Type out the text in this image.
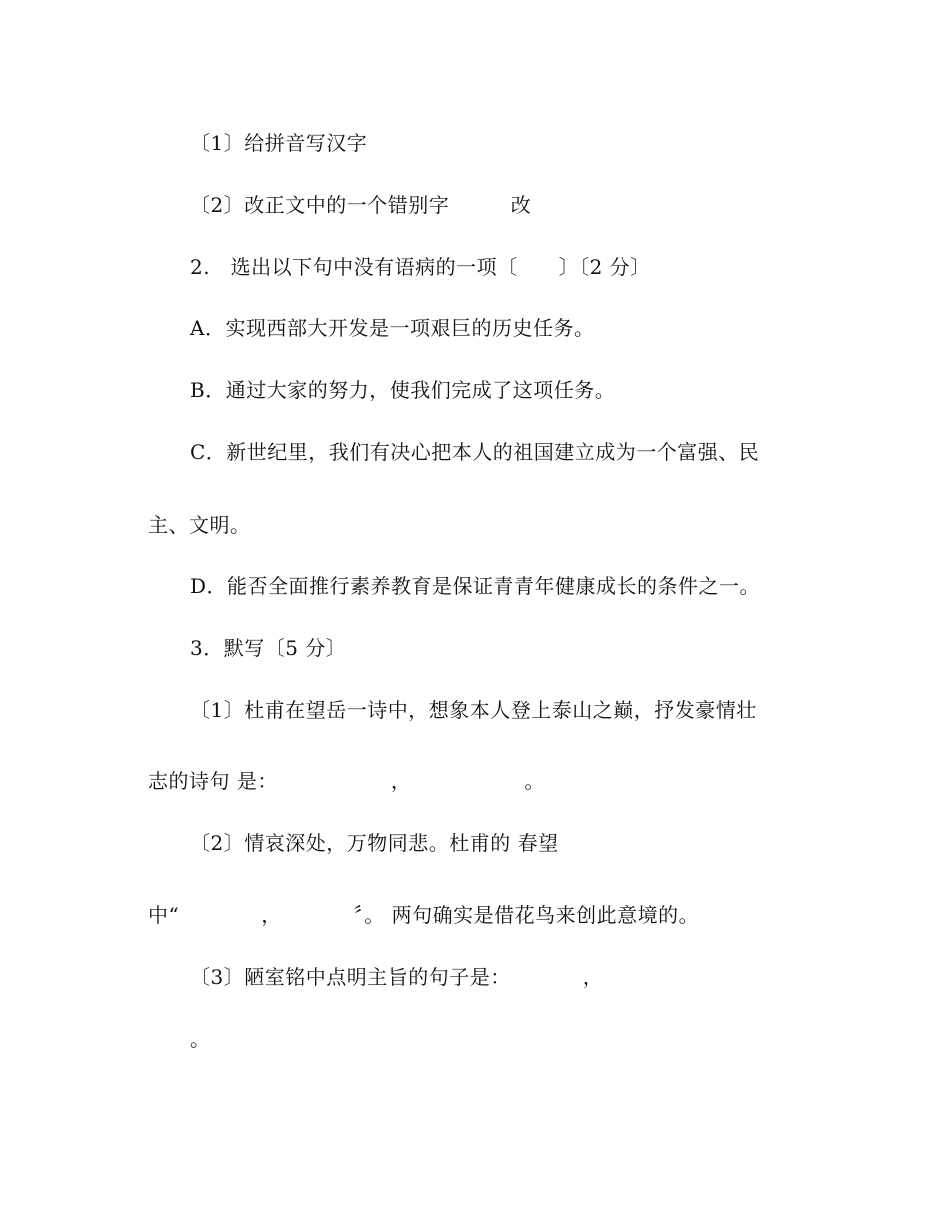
〔1〕给拼音写汉字
〔2〕改正文中的一个错别字　　　改
2.　选出以下句中没有语病的一项〔　　〕〔2 分〕
A．实现西部大开发是一项艰巨的历史任务。
B．通过大家的努力，使我们完成了这项任务。
C．新世纪里，我们有决心把本人的祖国建立成为一个富强、民
主、文明。
D．能否全面推行素养教育是保证青青年健康成长的条件之一。
3．默写〔5 分〕
〔1〕杜甫在望岳一诗中，想象本人登上泰山之巅，抒发豪情壮
志的诗句 是：　　　　　　，　　　　　　。
〔2〕情哀深处，万物同悲。杜甫的 春望
中“　　　　，　　　　〞。 两句确实是借花鸟来创此意境的。
〔3〕陋室铭中点明主旨的句子是：　　　　，
。
